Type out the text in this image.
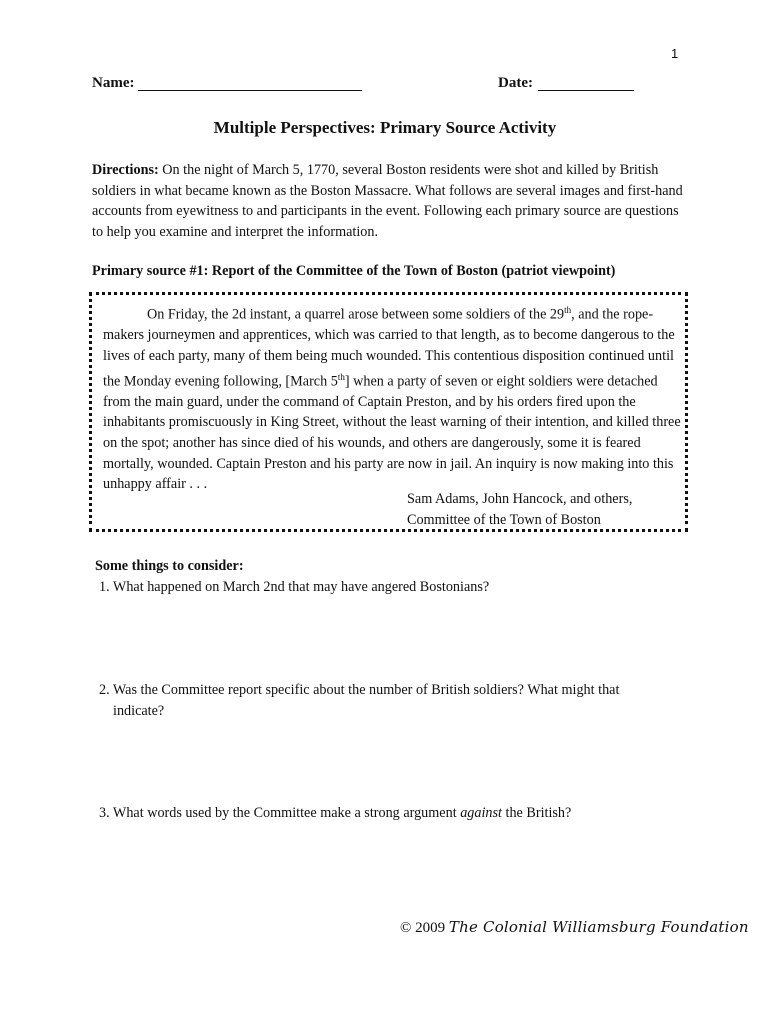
1
Name:	Date:
Multiple Perspectives: Primary Source Activity
Directions: On the night of March 5, 1770, several Boston residents were shot and killed by British soldiers in what became known as the Boston Massacre. What follows are several images and first-hand accounts from eyewitness to and participants in the event. Following each primary source are questions to help you examine and interpret the information.
Primary source #1: Report of the Committee of the Town of Boston (patriot viewpoint)
On Friday, the 2d instant, a quarrel arose between some soldiers of the 29th, and the rope-makers journeymen and apprentices, which was carried to that length, as to become dangerous to the lives of each party, many of them being much wounded. This contentious disposition continued until the Monday evening following, [March 5th] when a party of seven or eight soldiers were detached from the main guard, under the command of Captain Preston, and by his orders fired upon the inhabitants promiscuously in King Street, without the least warning of their intention, and killed three on the spot; another has since died of his wounds, and others are dangerously, some it is feared mortally, wounded. Captain Preston and his party are now in jail. An inquiry is now making into this unhappy affair . . .
Sam Adams, John Hancock, and others,
Committee of the Town of Boston
Some things to consider:
1. What happened on March 2nd that may have angered Bostonians?
2. Was the Committee report specific about the number of British soldiers? What might that
indicate?
3. What words used by the Committee make a strong argument against the British?
© 2009 The Colonial Williamsburg Foundation
